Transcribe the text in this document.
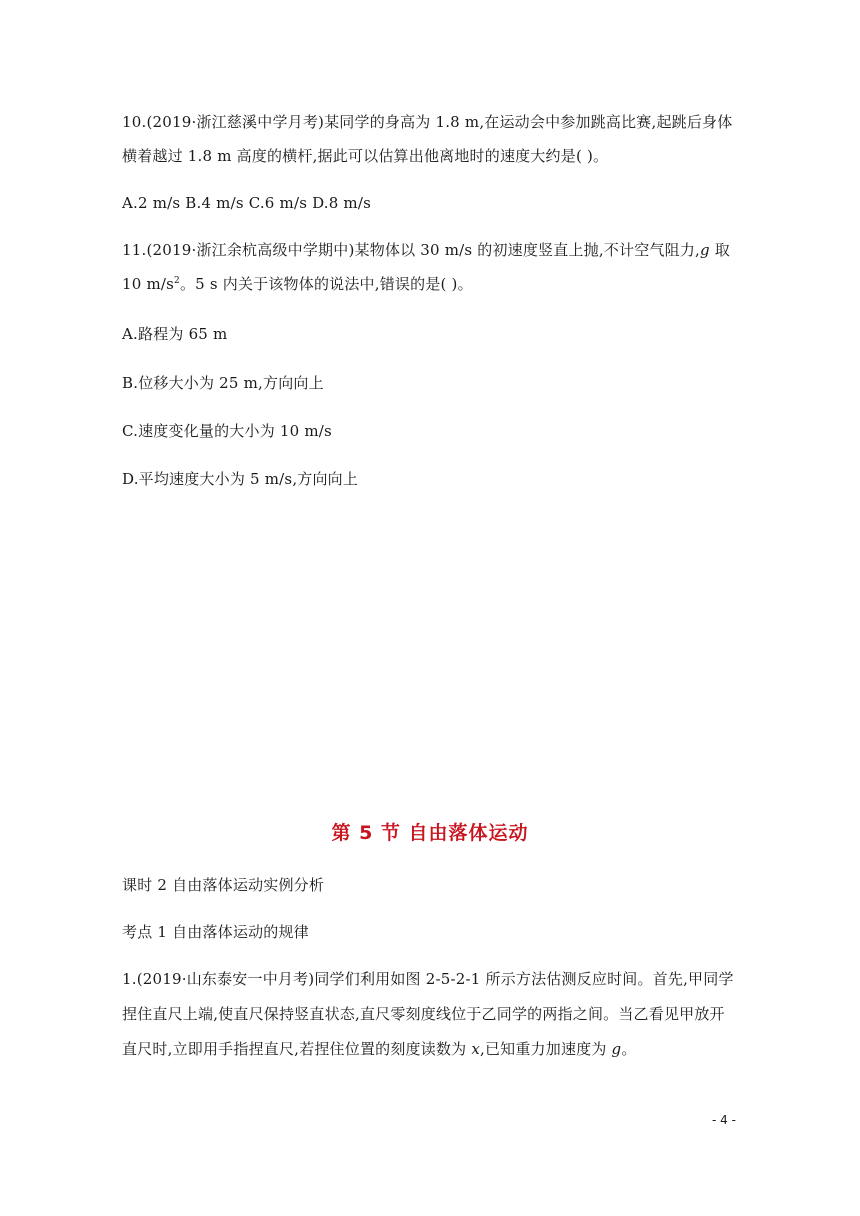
10.(2019·浙江慈溪中学月考)某同学的身高为 1.8 m,在运动会中参加跳高比赛,起跳后身体
横着越过 1.8 m 高度的横杆,据此可以估算出他离地时的速度大约是( )。
A.2 m/s B.4 m/s C.6 m/s D.8 m/s
11.(2019·浙江余杭高级中学期中)某物体以 30 m/s 的初速度竖直上抛,不计空气阻力,g 取
10 $m/s^2$。5 s 内关于该物体的说法中,错误的是( )。
A.路程为 65 m
B.位移大小为 25 m,方向向上
C.速度变化量的大小为 10 m/s
D.平均速度大小为 5 m/s,方向向上
第 5 节 自由落体运动
课时 2 自由落体运动实例分析
考点 1 自由落体运动的规律
1.(2019·山东泰安一中月考)同学们利用如图 2-5-2-1 所示方法估测反应时间。首先,甲同学
捏住直尺上端,使直尺保持竖直状态,直尺零刻度线位于乙同学的两指之间。当乙看见甲放开
直尺时,立即用手指捏直尺,若捏住位置的刻度读数为 x,已知重力加速度为 g。
- 4 -
